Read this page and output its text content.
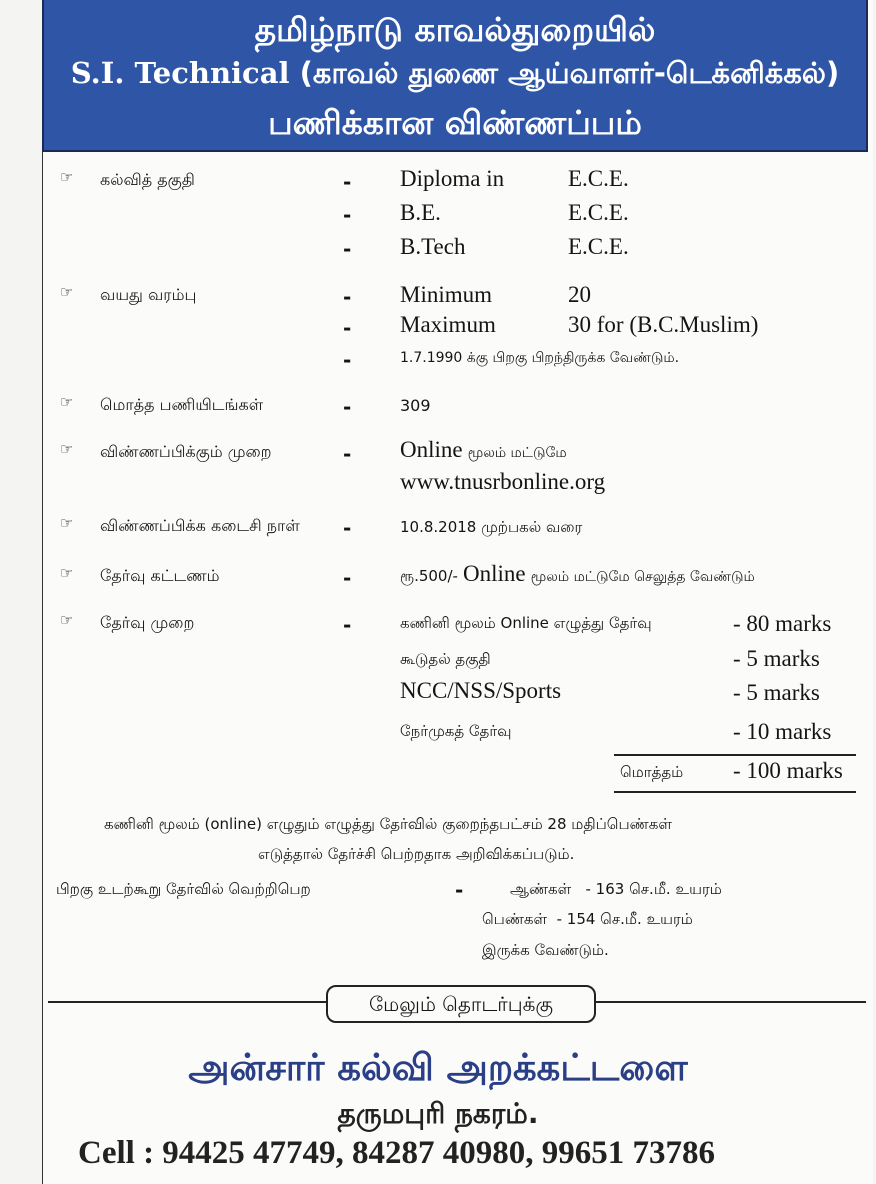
தமிழ்நாடு காவல்துறையில்
S.I. Technical (காவல் துணை ஆய்வாளர்-டெக்னிக்கல்)
பணிக்கான விண்ணப்பம்
☞ கல்வித் தகுதி	- Diploma in	E.C.E.
- B.E.	E.C.E.
- B.Tech	E.C.E.
☞ வயது வரம்பு	- Minimum	20
- Maximum	30 for (B.C.Muslim)
-	1.7.1990 க்கு பிறகு பிறந்திருக்க வேண்டும்.
☞ மொத்த பணியிடங்கள்	-	309
☞ விண்ணப்பிக்கும் முறை	- Online மூலம் மட்டுமே
www.tnusrbonline.org
☞ விண்ணப்பிக்க கடைசி நாள் -	10.8.2018 முற்பகல் வரை
☞ தேர்வு கட்டணம்	-	ரூ.500/- Online மூலம் மட்டுமே செலுத்த வேண்டும்
☞ தேர்வு முறை	-	கணினி மூலம் Online எழுத்து தேர்வு	- 80 marks
கூடுதல் தகுதி	- 5 marks
NCC/NSS/Sports	- 5 marks
நேர்முகத் தேர்வு	- 10 marks
மொத்தம் - 100 marks
கணினி மூலம் (online) எழுதும் எழுத்து தேர்வில் குறைந்தபட்சம் 28 மதிப்பெண்கள்
எடுத்தால் தேர்ச்சி பெற்றதாக அறிவிக்கப்படும்.
பிறகு உடற்கூறு தேர்வில் வெற்றிபெற	-	ஆண்கள்   - 163 செ.மீ. உயரம்
பெண்கள்  - 154 செ.மீ. உயரம்
இருக்க வேண்டும்.
மேலும் தொடர்புக்கு
அன்சார் கல்வி அறக்கட்டளை
தருமபுரி நகரம்.
Cell : 94425 47749, 84287 40980, 99651 73786
